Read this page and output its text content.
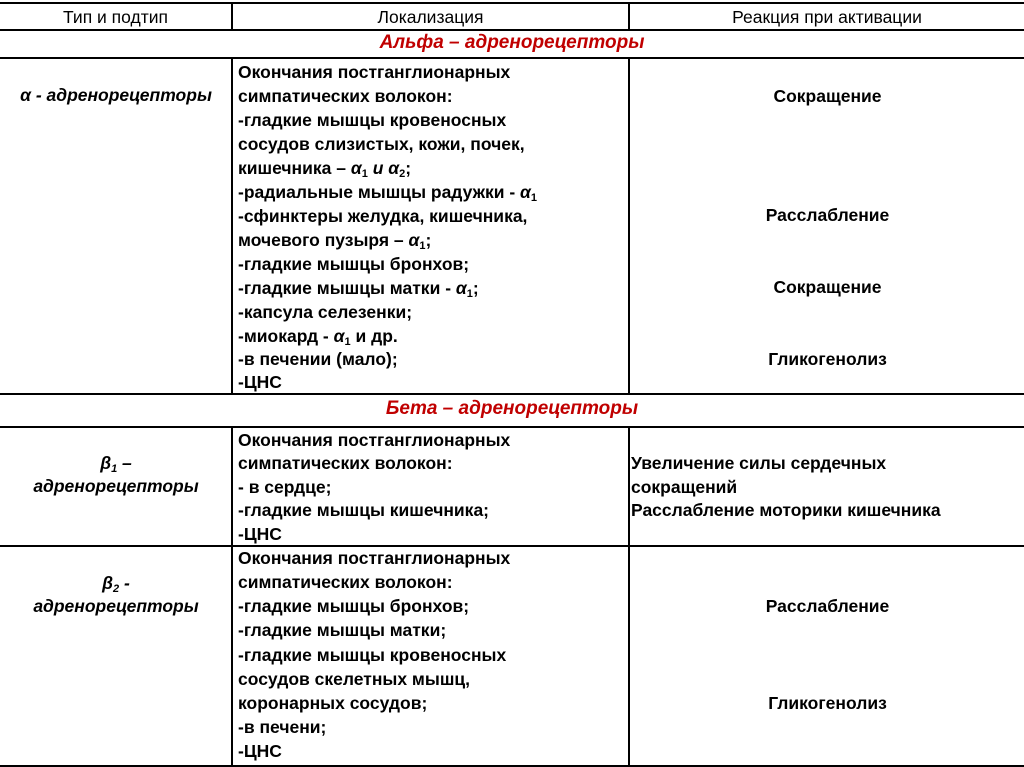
Тип и подтип	Локализация	Реакция при активации
Альфа – адренорецепторы
α - адренорецепторы
Окончания постганглионарных
симпатических волокон:
-гладкие мышцы кровеносных
сосудов слизистых, кожи, почек,
кишечника – $\alpha_1$ и $\alpha_2$;
-радиальные мышцы радужки - $\alpha_1$
-сфинктеры желудка, кишечника,
мочевого пузыря – $\alpha_1$;
-гладкие мышцы бронхов;
-гладкие мышцы матки - $\alpha_1$;
-капсула селезенки;
-миокард - $\alpha_1$ и др.
-в печении (мало);
-ЦНС
Сокращение
Расслабление
Сокращение
Гликогенолиз
Бета – адренорецепторы
$\beta_1$ –
адренорецепторы
Окончания постганглионарных
симпатических волокон:
- в сердце;
-гладкие мышцы кишечника;
-ЦНС
Увеличение силы сердечных
сокращений
Расслабление моторики кишечника
$\beta_2$ -
адренорецепторы
Окончания постганглионарных
симпатических волокон:
-гладкие мышцы бронхов;
-гладкие мышцы матки;
-гладкие мышцы кровеносных
сосудов скелетных мышц,
коронарных сосудов;
-в печени;
-ЦНС
Расслабление
Гликогенолиз
